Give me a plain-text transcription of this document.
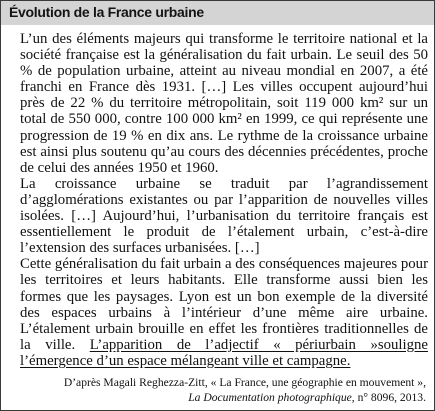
Évolution de la France urbaine

L’un des éléments majeurs qui transforme le territoire national et la société française est la généralisation du fait urbain. Le seuil des 50 % de population urbaine, atteint au niveau mondial en 2007, a été franchi en France dès 1931. […] Les villes occupent aujourd’hui près de 22 % du territoire métropolitain, soit 119 000 km² sur un total de 550 000, contre 100 000 km² en 1999, ce qui représente une progression de 19 % en dix ans. Le rythme de la croissance urbaine est ainsi plus soutenu qu’au cours des décennies précédentes, proche de celui des années 1950 et 1960.

La croissance urbaine se traduit par l’agrandissement d’agglomérations existantes ou par l’apparition de nouvelles villes isolées. […] Aujourd’hui, l’urbanisation du territoire français est essentiellement le produit de l’étalement urbain, c’est-à-dire l’extension des surfaces urbanisées. […]

Cette généralisation du fait urbain a des conséquences majeures pour les territoires et leurs habitants. Elle transforme aussi bien les formes que les paysages. Lyon est un bon exemple de la diversité des espaces urbains à l’intérieur d’une même aire urbaine. L’étalement urbain brouille en effet les frontières traditionnelles de la ville. L’apparition de l’adjectif « périurbain »souligne l’émergence d’un espace mélangeant ville et campagne.

D’après Magali Reghezza-Zitt, « La France, une géographie en mouvement »,
La Documentation photographique, n° 8096, 2013.
